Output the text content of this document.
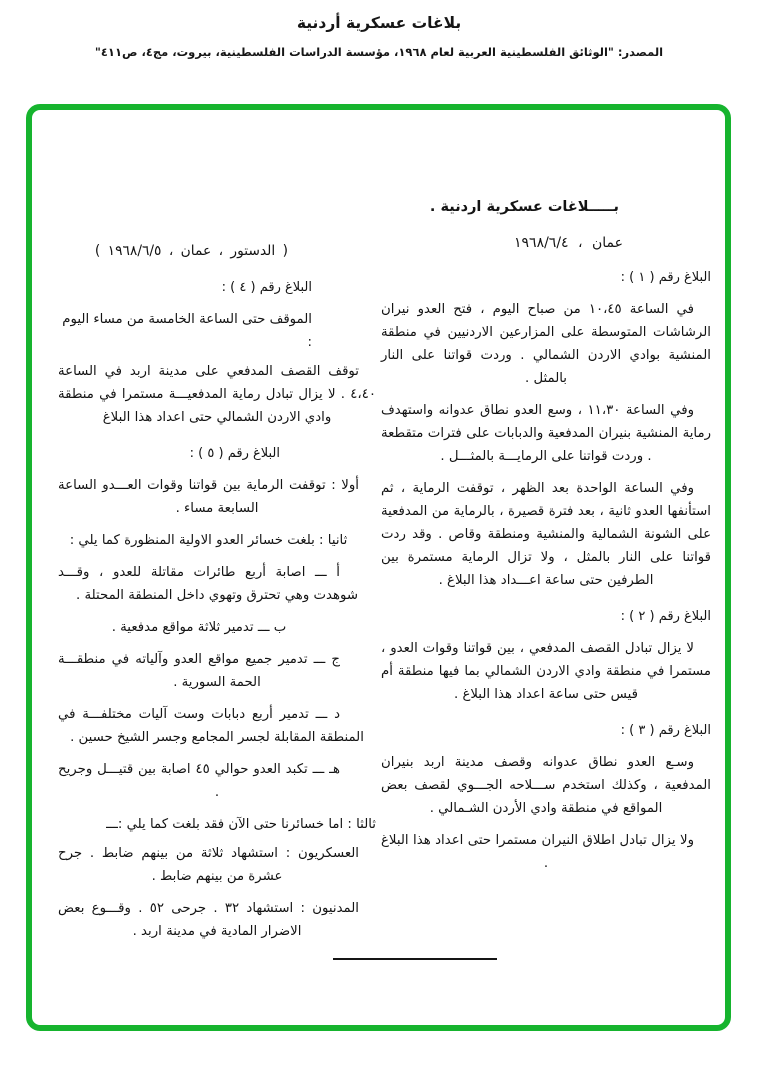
بلاغات عسكرية أردنية
المصدر: "الوثائق الفلسطينية العربية لعام ١٩٦٨، مؤسسة الدراسات الفلسطينية، بيروت، مج٤، ص٤١١"
بـــــلاغات عسكرية اردنية .
عمان ، ١٩٦٨/٦/٤
البلاغ رقم ( ١ ) :

في الساعة ‪١٠،٤٥‬ من صباح اليوم ، فتح العدو نيران الرشاشات المتوسطة على المزارعين الاردنيين في منطقة المنشية بوادي الاردن الشمالي . وردت قواتنا على النار بالمثل .

وفي الساعة ‪١١،٣٠‬ ، وسع العدو نطاق عدوانه واستهدف رماية المنشية بنيران المدفعية والدبابات على فترات متقطعة . وردت قواتنا على الرمايـــة بالمثـــل .

وفي الساعة الواحدة بعد الظهر ، توقفت الرماية ، ثم استأنفها العدو ثانية ، بعد فترة قصيرة ، بالرماية من المدفعية على الشونة الشمالية والمنشية ومنطقة وقاص . وقد ردت قواتنا على النار بالمثل ، ولا تزال الرماية مستمرة بين الطرفين حتى ساعة اعـــداد هذا البلاغ .

البلاغ رقم ( ٢ ) :

لا يزال تبادل القصف المدفعي ، بين قواتنا وقوات العدو ، مستمرا في منطقة وادي الاردن الشمالي بما فيها منطقة أم قيس حتى ساعة اعداد هذا البلاغ .

البلاغ رقم ( ٣ ) :

وسـع العدو نطاق عدوانه وقصف مدينة اربد بنيران المدفعية ، وكذلك استخدم ســـلاحه الجـــوي لقصف بعض المواقع في منطقة وادي الأردن الشـمالي .

ولا يزال تبادل اطلاق النيران مستمرا حتى اعداد هذا البلاغ .

( الدستور ، عمان ، ١٩٦٨/٦/٥ )
البلاغ رقم ( ٤ ) :

الموقف حتى الساعة الخامسة من مساء اليوم :

توقف القصف المدفعي على مدينة اربد في الساعة ‪٤،٤٠‬ . لا يزال تبادل رماية المدفعيـــة مستمرا في منطقة وادي الاردن الشمالي حتى اعداد هذا البلاغ

البلاغ رقم ( ٥ ) :

أولا : توقفت الرماية بين قواتنا وقوات العـــدو الساعة السابعة مساء .

ثانيا : بلغت خسائر العدو الاولية المنظورة كما يلي :

أ ـــ اصابة أربع طائرات مقاتلة للعدو ، وقـــد شوهدت وهي تحترق وتهوي داخل المنطقة المحتلة .

ب ـــ تدمير ثلاثة مواقع مدفعية .

ج ـــ تدمير جميع مواقع العدو وآلياته في منطقـــة الحمة السورية .

د ـــ تدمير أربع دبابات وست آليات مختلفـــة في المنطقة المقابلة لجسر المجامع وجسر الشيخ حسين .

هـ ـــ تكبد العدو حوالي ٤٥ اصابة بين قتيـــل وجريح .

ثالثا : اما خسائرنا حتى الآن فقد بلغت كما يلي :ـــ

العسكريون : استشهاد ثلاثة من بينهم ضابط . جرح عشرة من بينهم ضابط .

المدنيون : استشهاد ٣٢ . جرحى ٥٢ . وقـــوع بعض الاضرار المادية في مدينة اربد .
